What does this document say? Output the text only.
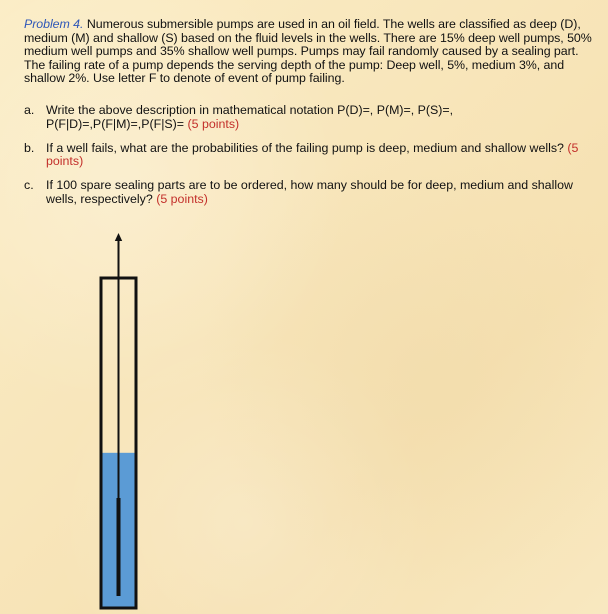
Problem 4. Numerous submersible pumps are used in an oil field. The wells are classified as deep (D), medium (M) and shallow (S) based on the fluid levels in the wells. There are 15% deep well pumps, 50% medium well pumps and 35% shallow well pumps. Pumps may fail randomly caused by a sealing part. The failing rate of a pump depends the serving depth of the pump: Deep well, 5%, medium 3%, and shallow 2%. Use letter F to denote of event of pump failing.
a. Write the above description in mathematical notation P(D)=, P(M)=, P(S)=, P(F|D)=,P(F|M)=,P(F|S)= (5 points)
b. If a well fails, what are the probabilities of the failing pump is deep, medium and shallow wells? (5 points)
c. If 100 spare sealing parts are to be ordered, how many should be for deep, medium and shallow wells, respectively? (5 points)
